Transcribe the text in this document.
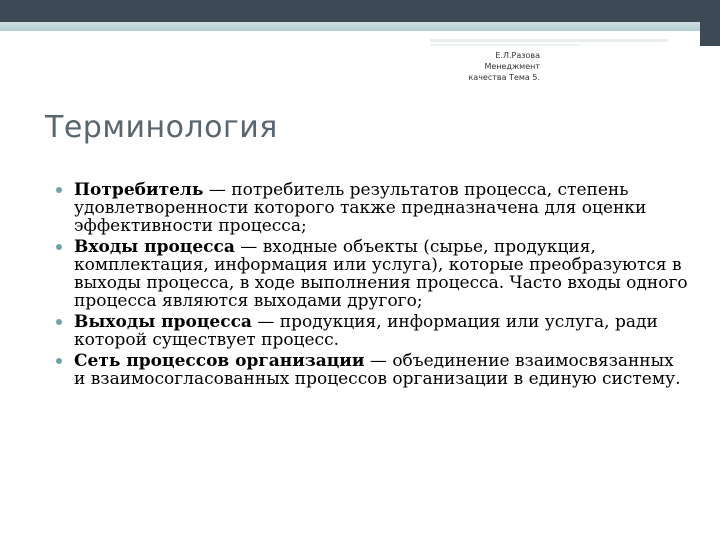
6
Е.Л.Разова
Менеджмент
качества Тема 5.
Терминология
Потребитель — потребитель результатов процесса, степень удовлетворенности которого также предназначена для оценки эффективности процесса;
Входы процесса — входные объекты (сырье, продукция, комплектация, информация или услуга), которые преобразуются в выходы процесса, в ходе выполнения процесса. Часто входы одного процесса являются выходами другого;
Выходы процесса — продукция, информация или услуга, ради которой существует процесс.
Сеть процессов организации — объединение взаимосвязанных и взаимосогласованных процессов организации в единую систему.
